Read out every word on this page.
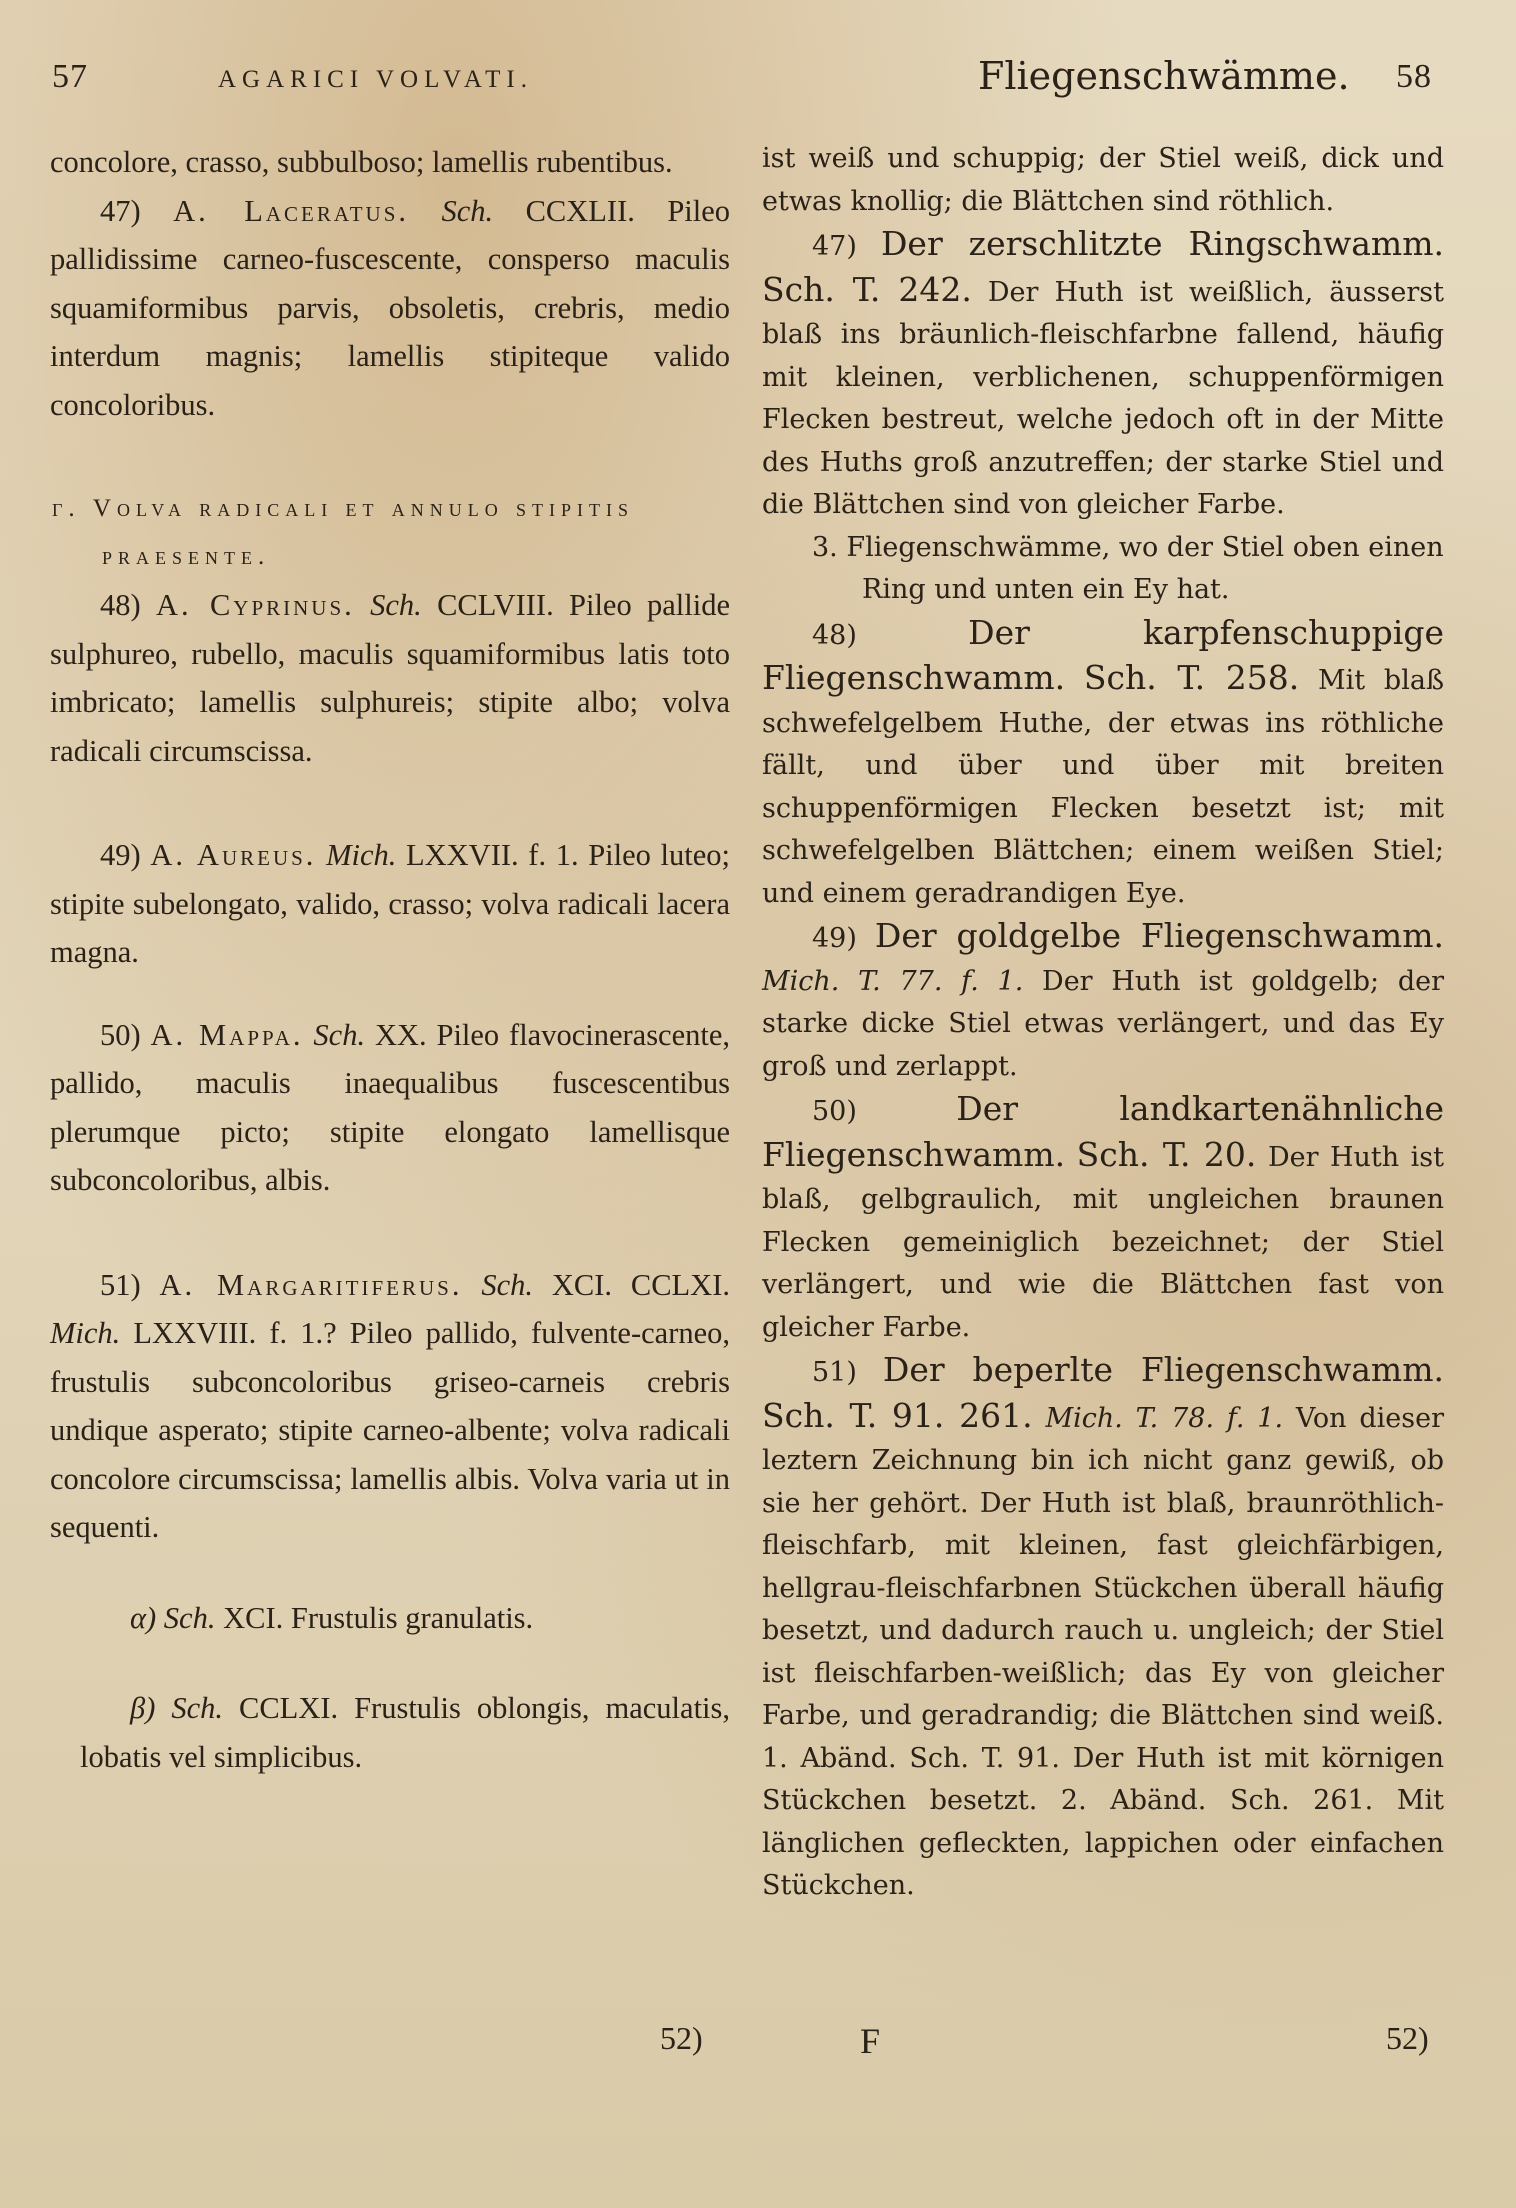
57	AGARICI VOLVATI.	Fliegenschwämme. 58

concolore, crasso, subbulboso; lamellis rubentibus.

47) A. Laceratus. Sch. CCXLII. Pileo pallidissime carneo-fuscescente, conspersо maculis squamiformibus parvis, obsoletis, crebris, medio interdum magnis; lamellis stipiteque valido concoloribus.

γ. Volva radicali et annulo stipitis praesente.

48) A. Cyprinus. Sch. CCLVIII. Pileo pallide sulphureo, rubello, maculis squamiformibus latis toto imbricato; lamellis sulphureis; stipite albo; volva radicali circumscissa.

49) A. Aureus. Mich. LXXVII. f. 1. Pileo luteo; stipite subelongato, valido, crasso; volva radicali lacera magna.

50) A. Mappa. Sch. XX. Pileo flavocinerascente, pallido, maculis inaequalibus fuscescentibus plerumque picto; stipite elongato lamellisque subconcoloribus, albis.

51) A. Margaritiferus. Sch. XCI. CCLXI. Mich. LXXVIII. f. 1.? Pileo pallido, fulvente-carneo, frustulis subconcoloribus griseo-carneis crebris undique asperato; stipite carneo-albente; volva radicali concolore circumscissa; lamellis albis. Volva varia ut in sequenti.

α) Sch. XCI. Frustulis granulatis.

β) Sch. CCLXI. Frustulis oblongis, maculatis, lobatis vel simplicibus.

ist weiß und schuppig; der Stiel weiß, dick und etwas knollig; die Blättchen sind röthlich.

47) Der zerschlitzte Ringschwamm. Sch. T. 242. Der Huth ist weißlich, äusserst blaß ins bräunlich-fleischfarbne fallend, häufig mit kleinen, verblichenen, schuppenförmigen Flecken bestreut, welche jedoch oft in der Mitte des Huths groß anzutreffen; der starke Stiel und die Blättchen sind von gleicher Farbe.

3. Fliegenschwämme, wo der Stiel oben einen Ring und unten ein Ey hat.

48)	Der karpfenschuppige Fliegenschwamm. Sch. T. 258. Mit blaß schwefelgelbem Huthe, der etwas ins röthliche fällt, und über und über mit breiten schuppenförmigen Flecken besetzt ist; mit schwefelgelben Blättchen; einem weißen Stiel; und einem geradrandigen Eye.

49) Der goldgelbe Fliegenschwamm. Mich. T. 77. f. 1. Der Huth ist goldgelb; der starke dicke Stiel etwas verlängert, und das Ey groß und zerlappt.

50)	Der landkartenähnliche Fliegenschwamm. Sch. T. 20. Der Huth ist blaß, gelbgraulich, mit ungleichen braunen Flecken gemeiniglich bezeichnet; der Stiel verlängert, und wie die Blättchen fast von gleicher Farbe.

51) Der beperlte Fliegenschwamm. Sch. T. 91. 261. Mich. T. 78. f. 1. Von dieser leztern Zeichnung bin ich nicht ganz gewiß, ob sie her gehört. Der Huth ist blaß, braunröthlich-fleischfarb, mit kleinen, fast gleichfärbigen, hellgrau-fleischfarbnen Stückchen überall häufig besetzt, und dadurch rauch u. ungleich; der Stiel ist fleischfarben-weißlich; das Ey von gleicher Farbe, und geradrandig; die Blättchen sind weiß. 1. Abänd. Sch. T. 91. Der Huth ist mit körnigen Stückchen besetzt. 2. Abänd. Sch. 261. Mit länglichen gefleckten, lappichen oder einfachen Stückchen.

52)	F	52)
